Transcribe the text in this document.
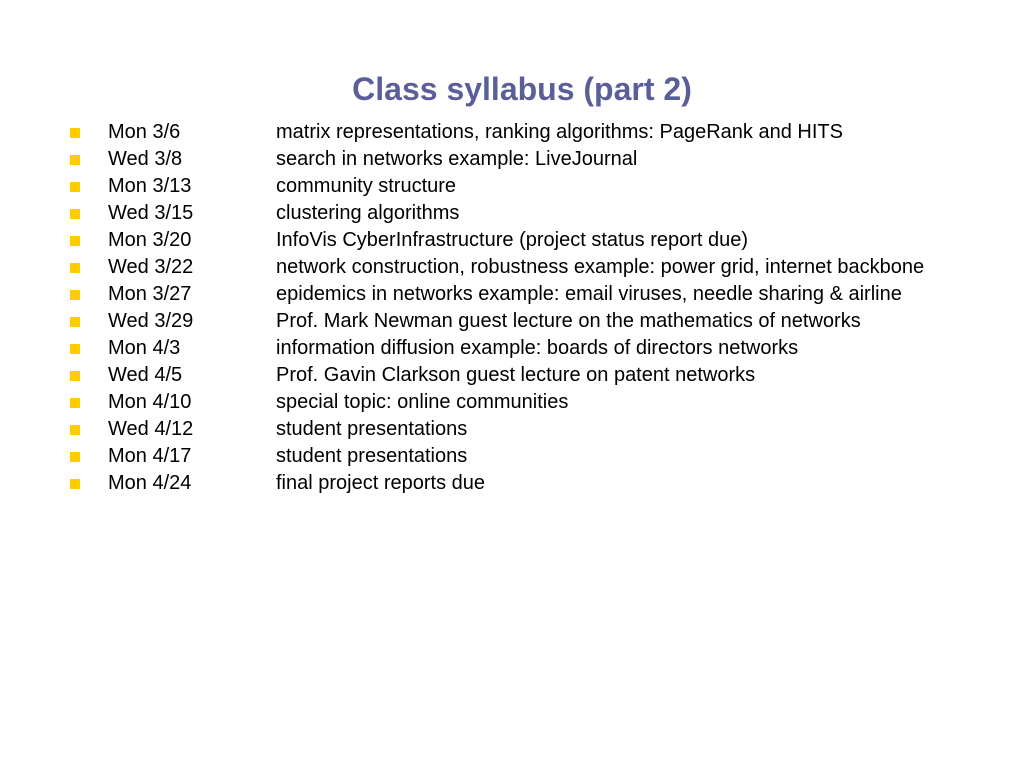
Class syllabus (part 2)
Mon 3/6	matrix representations, ranking algorithms: PageRank and HITS
Wed 3/8	search in networks example: LiveJournal
Mon 3/13	community structure
Wed 3/15	clustering algorithms
Mon 3/20	InfoVis CyberInfrastructure (project status report due)
Wed 3/22	network construction, robustness example: power grid, internet backbone
Mon 3/27	epidemics in networks example: email viruses, needle sharing & airline
Wed 3/29	Prof. Mark Newman guest lecture on the mathematics of networks
Mon 4/3	information diffusion example: boards of directors networks
Wed 4/5	Prof. Gavin Clarkson guest lecture on patent networks
Mon 4/10	special topic: online communities
Wed 4/12	student presentations
Mon 4/17	student presentations
Mon 4/24	final project reports due
